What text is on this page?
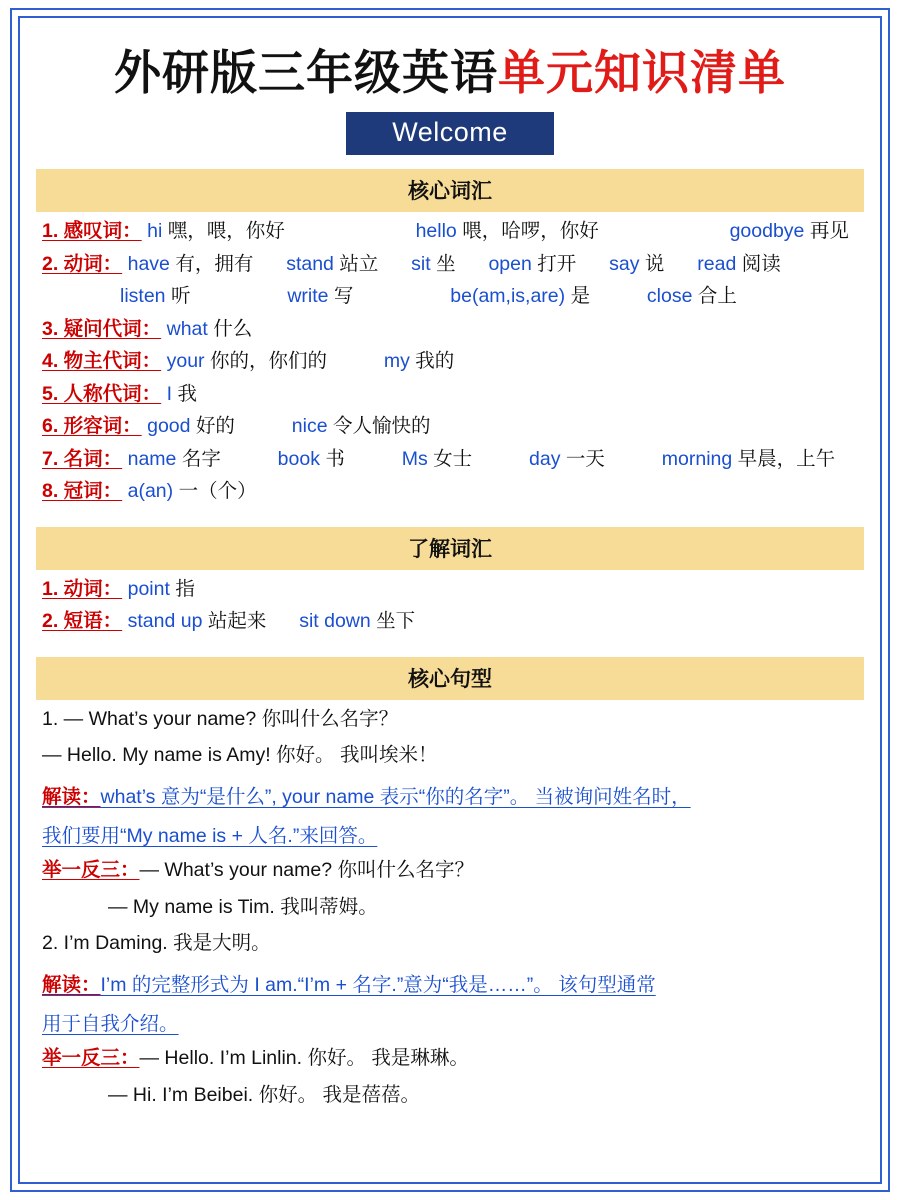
外研版三年级英语单元知识清单
Welcome
核心词汇
1. 感叹词： hi 嘿，喂，你好	hello 喂，哈啰，你好	goodbye 再见
2. 动词： have 有，拥有 stand 站立 sit 坐 open 打开 say 说 read 阅读
listen 听	write 写	be(am,is,are) 是	close 合上
3. 疑问代词： what 什么
4. 物主代词： your 你的，你们的	my 我的
5. 人称代词： I 我
6. 形容词： good 好的	nice 令人愉快的
7. 名词： name 名字	book 书	Ms 女士	day 一天	morning 早晨，上午
8. 冠词： a(an) 一（个）
了解词汇
1. 动词： point 指
2. 短语： stand up 站起来 sit down 坐下
核心句型
1. — What’s your name? 你叫什么名字？
— Hello. My name is Amy! 你好。 我叫埃米！
解读：what’s 意为“是什么”, your name 表示“你的名字”。 当被询问姓名时，
我们要用“My name is + 人名.”来回答。
举一反三：— What’s your name? 你叫什么名字？
— My name is Tim. 我叫蒂姆。
2. I’m Daming. 我是大明。
解读：I’m 的完整形式为 I am.“I’m + 名字.”意为“我是……”。 该句型通常
用于自我介绍。
举一反三：— Hello. I’m Linlin. 你好。 我是琳琳。
— Hi. I’m Beibei. 你好。 我是蓓蓓。
